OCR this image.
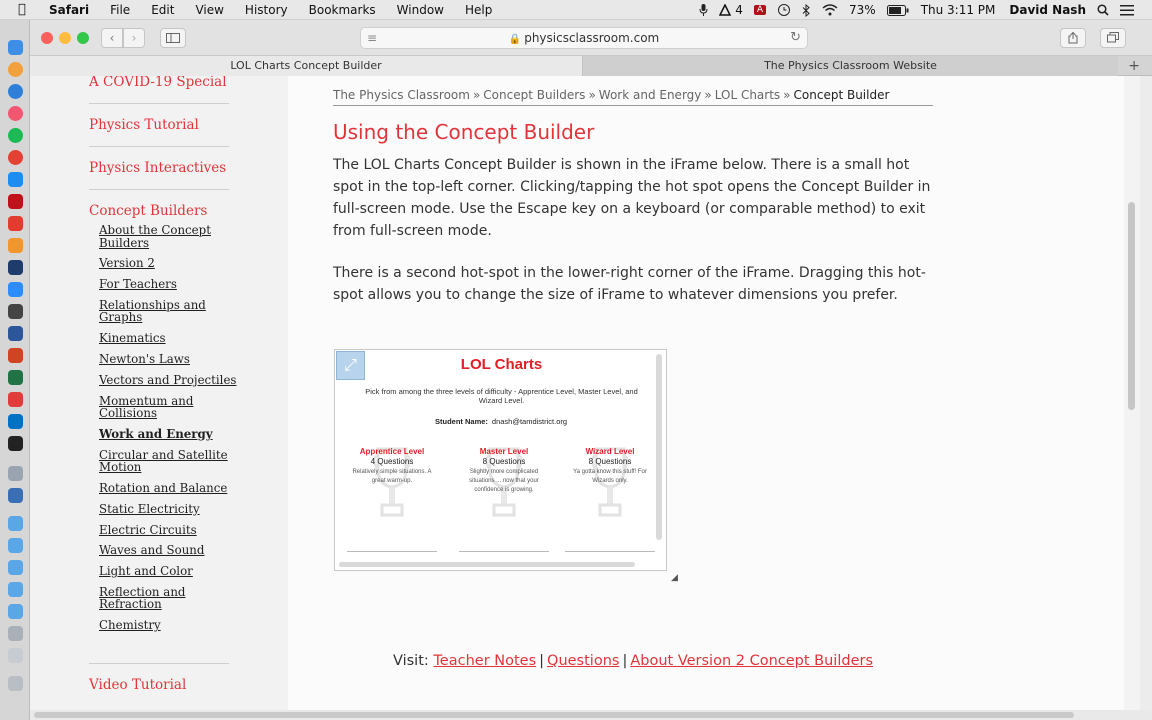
Safari File Edit View History Bookmarks Window Help	4	A	73%	Thu 3:11 PM David Nash
‹	›	≡	🔒 physicsclassroom.com	↻
LOL Charts Concept Builder	The Physics Classroom Website	+
A COVID-19 Special
Physics Tutorial
Physics Interactives
Concept Builders
About the Concept Builders
Version 2
For Teachers
Relationships and Graphs
Kinematics
Newton's Laws
Vectors and Projectiles
Momentum and Collisions
Work and Energy
Circular and Satellite Motion
Rotation and Balance
Static Electricity
Electric Circuits
Waves and Sound
Light and Color
Reflection and Refraction
Chemistry
Video Tutorial
The Physics Classroom » Concept Builders » Work and Energy » LOL Charts » Concept Builder
Using the Concept Builder

The LOL Charts Concept Builder is shown in the iFrame below. There is a small hot spot in the top-left corner. Clicking/tapping the hot spot opens the Concept Builder in full-screen mode. Use the Escape key on a keyboard (or comparable method) to exit from full-screen mode.

There is a second hot-spot in the lower-right corner of the iFrame. Dragging this hot-spot allows you to change the size of iFrame to whatever dimensions you prefer.

⤢	LOL Charts
Pick from among the three levels of difficulty - Apprentice Level, Master Level, and Wizard Level.
Student Name: dnash@tamdistrict.org
Apprentice Level
4 Questions
Relatively simple situations. A great warm-up.
Master Level
8 Questions
Slightly more complicated situations ... now that your confidence is growing.
Wizard Level
8 Questions
Ya gotta know this stuff! For Wizards only.
◢
Visit: Teacher Notes | Questions | About Version 2 Concept Builders
